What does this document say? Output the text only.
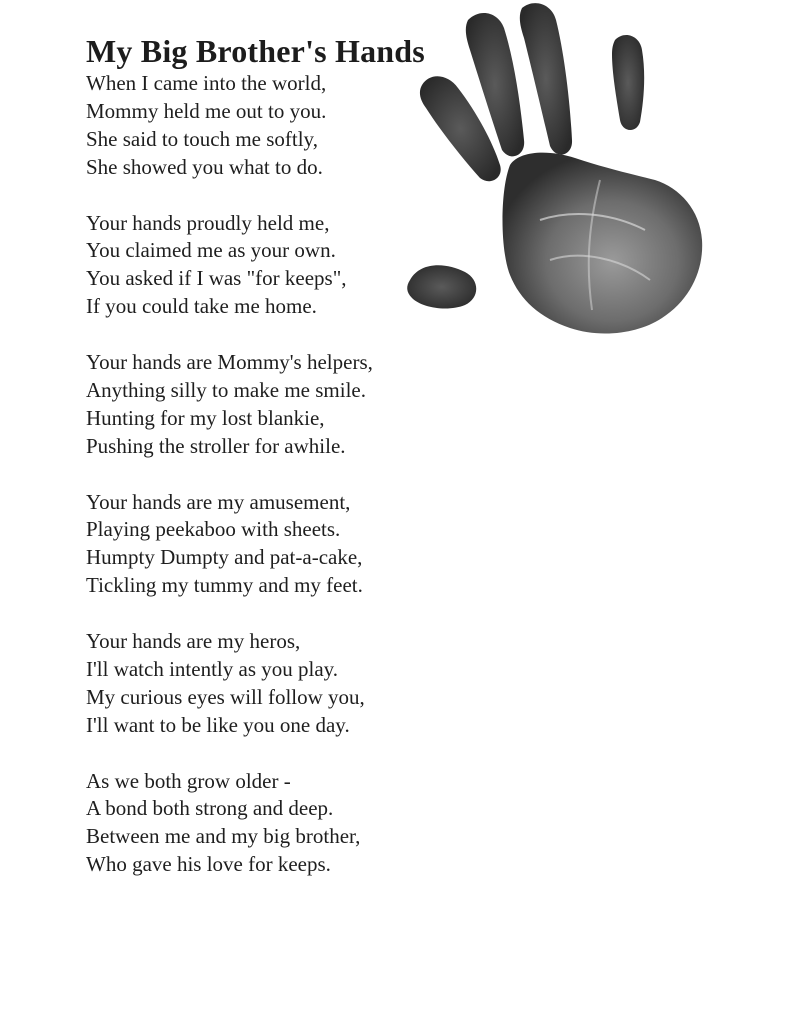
My Big Brother's Hands
When I came into the world,
Mommy held me out to you.
She said to touch me softly,
She showed you what to do.
Your hands proudly held me,
You claimed me as your own.
You asked if I was "for keeps",
If you could take me home.
Your hands are Mommy's helpers,
Anything silly to make me smile.
Hunting for my lost blankie,
Pushing the stroller for awhile.
Your hands are my amusement,
Playing peekaboo with sheets.
Humpty Dumpty and pat-a-cake,
Tickling my tummy and my feet.
Your hands are my heros,
I'll watch intently as you play.
My curious eyes will follow you,
I'll want to be like you one day.
As we both grow older -
A bond both strong and deep.
Between me and my big brother,
Who gave his love for keeps.
